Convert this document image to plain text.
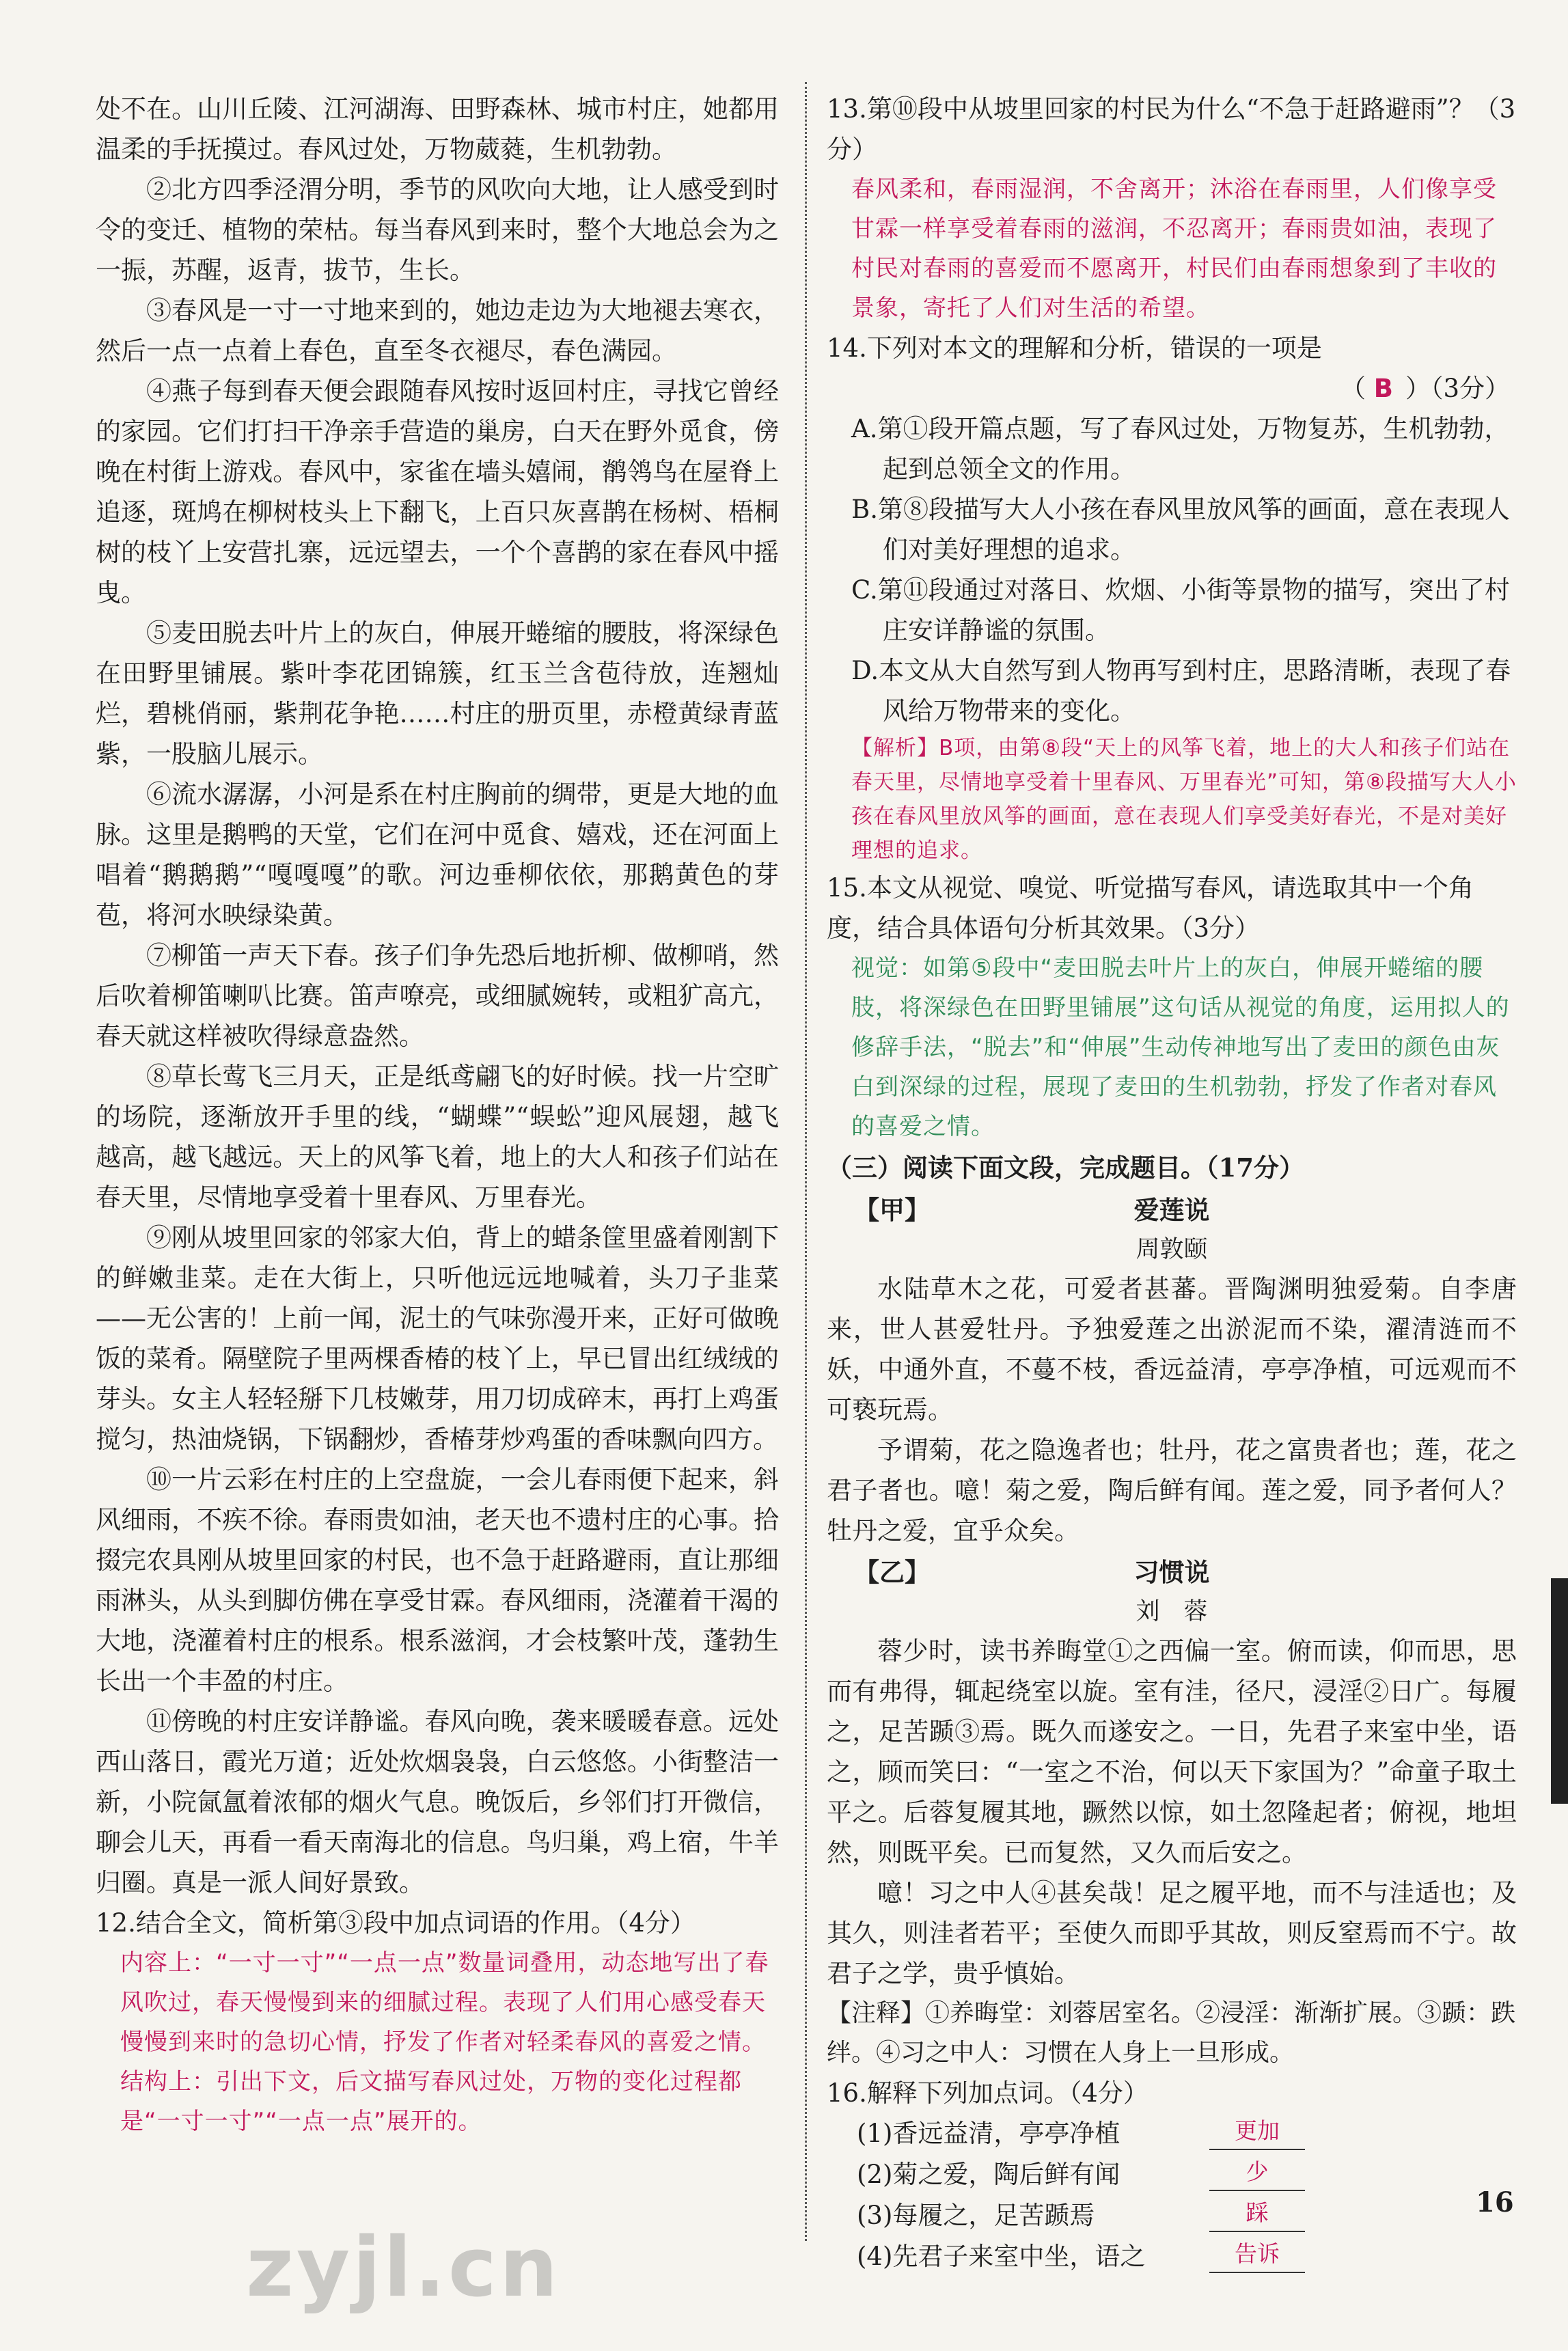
处不在。山川丘陵、江河湖海、田野森林、城市村庄，她都用温柔的手抚摸过。春风过处，万物葳蕤，生机勃勃。

②北方四季泾渭分明，季节的风吹向大地，让人感受到时令的变迁、植物的荣枯。每当春风到来时，整个大地总会为之一振，苏醒，返青，拔节，生长。

③春风是一寸一寸地来到的，她边走边为大地褪去寒衣，然后一点一点着上春色，直至冬衣褪尽，春色满园。

④燕子每到春天便会跟随春风按时返回村庄，寻找它曾经的家园。它们打扫干净亲手营造的巢房，白天在野外觅食，傍晚在村街上游戏。春风中，家雀在墙头嬉闹，鹡鸰鸟在屋脊上追逐，斑鸠在柳树枝头上下翻飞，上百只灰喜鹊在杨树、梧桐树的枝丫上安营扎寨，远远望去，一个个喜鹊的家在春风中摇曳。

⑤麦田脱去叶片上的灰白，伸展开蜷缩的腰肢，将深绿色在田野里铺展。紫叶李花团锦簇，红玉兰含苞待放，连翘灿烂，碧桃俏丽，紫荆花争艳……村庄的册页里，赤橙黄绿青蓝紫，一股脑儿展示。

⑥流水潺潺，小河是系在村庄胸前的绸带，更是大地的血脉。这里是鹅鸭的天堂，它们在河中觅食、嬉戏，还在河面上唱着“鹅鹅鹅”“嘎嘎嘎”的歌。河边垂柳依依，那鹅黄色的芽苞，将河水映绿染黄。

⑦柳笛一声天下春。孩子们争先恐后地折柳、做柳哨，然后吹着柳笛喇叭比赛。笛声嘹亮，或细腻婉转，或粗犷高亢，春天就这样被吹得绿意盎然。

⑧草长莺飞三月天，正是纸鸢翩飞的好时候。找一片空旷的场院，逐渐放开手里的线，“蝴蝶”“蜈蚣”迎风展翅，越飞越高，越飞越远。天上的风筝飞着，地上的大人和孩子们站在春天里，尽情地享受着十里春风、万里春光。

⑨刚从坡里回家的邻家大伯，背上的蜡条筐里盛着刚割下的鲜嫩韭菜。走在大街上，只听他远远地喊着，头刀子韭菜——无公害的！上前一闻，泥土的气味弥漫开来，正好可做晚饭的菜肴。隔壁院子里两棵香椿的枝丫上，早已冒出红绒绒的芽头。女主人轻轻掰下几枝嫩芽，用刀切成碎末，再打上鸡蛋搅匀，热油烧锅，下锅翻炒，香椿芽炒鸡蛋的香味飘向四方。

⑩一片云彩在村庄的上空盘旋，一会儿春雨便下起来，斜风细雨，不疾不徐。春雨贵如油，老天也不遗村庄的心事。拾掇完农具刚从坡里回家的村民，也不急于赶路避雨，直让那细雨淋头，从头到脚仿佛在享受甘霖。春风细雨，浇灌着干渴的大地，浇灌着村庄的根系。根系滋润，才会枝繁叶茂，蓬勃生长出一个丰盈的村庄。

⑪傍晚的村庄安详静谧。春风向晚，袭来暖暖春意。远处西山落日，霞光万道；近处炊烟袅袅，白云悠悠。小街整洁一新，小院氤氲着浓郁的烟火气息。晚饭后，乡邻们打开微信，聊会儿天，再看一看天南海北的信息。鸟归巢，鸡上宿，牛羊归圈。真是一派人间好景致。

12.结合全文，简析第③段中加点词语的作用。（4分）

内容上：“一寸一寸”“一点一点”数量词叠用，动态地写出了春风吹过，春天慢慢到来的细腻过程。表现了人们用心感受春天慢慢到来时的急切心情，抒发了作者对轻柔春风的喜爱之情。结构上：引出下文，后文描写春风过处，万物的变化过程都是“一寸一寸”“一点一点”展开的。

13.第⑩段中从坡里回家的村民为什么“不急于赶路避雨”？（3分）

春风柔和，春雨湿润，不舍离开；沐浴在春雨里，人们像享受甘霖一样享受着春雨的滋润，不忍离开；春雨贵如油，表现了村民对春雨的喜爱而不愿离开，村民们由春雨想象到了丰收的景象，寄托了人们对生活的希望。

14.下列对本文的理解和分析，错误的一项是

（ B ）（3分）

A.第①段开篇点题，写了春风过处，万物复苏，生机勃勃，起到总领全文的作用。

B.第⑧段描写大人小孩在春风里放风筝的画面，意在表现人们对美好理想的追求。

C.第⑪段通过对落日、炊烟、小街等景物的描写，突出了村庄安详静谧的氛围。

D.本文从大自然写到人物再写到村庄，思路清晰，表现了春风给万物带来的变化。

【解析】B项，由第⑧段“天上的风筝飞着，地上的大人和孩子们站在春天里，尽情地享受着十里春风、万里春光”可知，第⑧段描写大人小孩在春风里放风筝的画面，意在表现人们享受美好春光，不是对美好理想的追求。

15.本文从视觉、嗅觉、听觉描写春风，请选取其中一个角度，结合具体语句分析其效果。（3分）

视觉：如第⑤段中“麦田脱去叶片上的灰白，伸展开蜷缩的腰肢，将深绿色在田野里铺展”这句话从视觉的角度，运用拟人的修辞手法，“脱去”和“伸展”生动传神地写出了麦田的颜色由灰白到深绿的过程，展现了麦田的生机勃勃，抒发了作者对春风的喜爱之情。

（三）阅读下面文段，完成题目。（17分）

【甲】	爱莲说

周敦颐

水陆草木之花，可爱者甚蕃。晋陶渊明独爱菊。自李唐来，世人甚爱牡丹。予独爱莲之出淤泥而不染，濯清涟而不妖，中通外直，不蔓不枝，香远益清，亭亭净植，可远观而不可亵玩焉。

予谓菊，花之隐逸者也；牡丹，花之富贵者也；莲，花之君子者也。噫！菊之爱，陶后鲜有闻。莲之爱，同予者何人？牡丹之爱，宜乎众矣。

【乙】	习惯说

刘　蓉

蓉少时，读书养晦堂①之西偏一室。俯而读，仰而思，思而有弗得，辄起绕室以旋。室有洼，径尺，浸淫②日广。每履之，足苦踬③焉。既久而遂安之。一日，先君子来室中坐，语之，顾而笑曰：“一室之不治，何以天下家国为？”命童子取土平之。后蓉复履其地，蹶然以惊，如土忽隆起者；俯视，地坦然，则既平矣。已而复然，又久而后安之。

噫！习之中人④甚矣哉！足之履平地，而不与洼适也；及其久，则洼者若平；至使久而即乎其故，则反窒焉而不宁。故君子之学，贵乎慎始。

【注释】①养晦堂：刘蓉居室名。②浸淫：渐渐扩展。③踬：跌绊。④习之中人：习惯在人身上一旦形成。

16.解释下列加点词。（4分）

(1)香远益清，亭亭净植	更加

(2)菊之爱，陶后鲜有闻	少

(3)每履之，足苦踬焉	踩

(4)先君子来室中坐，语之	告诉

16
zyjl.cn
